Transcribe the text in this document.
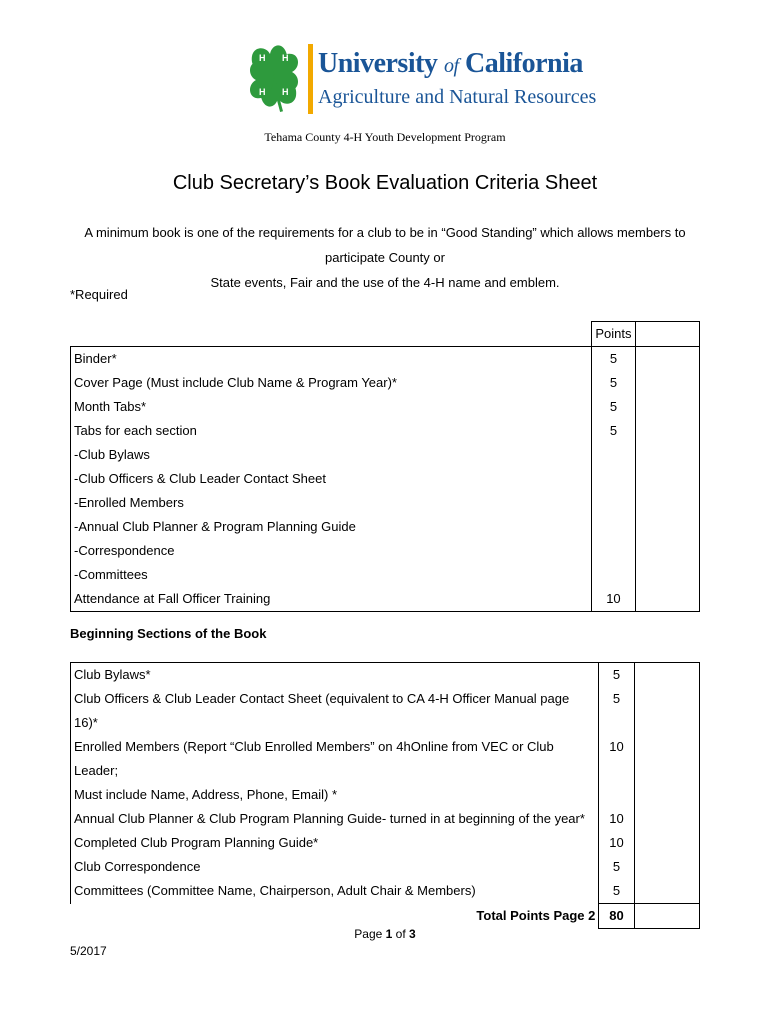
H H
H H
University of California
Agriculture and Natural Resources
Tehama County 4-H Youth Development Program
Club Secretary’s Book Evaluation Criteria Sheet
A minimum book is one of the requirements for a club to be in “Good Standing” which allows members to participate County or
State events, Fair and the use of the 4-H name and emblem.
*Required
	Points	
Binder*	5	
Cover Page (Must include Club Name & Program Year)*	5	
Month Tabs*	5	
Tabs for each section	5	
-Club Bylaws		
-Club Officers & Club Leader Contact Sheet		
-Enrolled Members		
-Annual Club Planner & Program Planning Guide		
-Correspondence		
-Committees		
Attendance at Fall Officer Training	10	
Beginning Sections of the Book
Club Bylaws*	5	
Club Officers & Club Leader Contact Sheet (equivalent to CA 4-H Officer Manual page 16)*	5	
Enrolled Members (Report “Club Enrolled Members” on 4hOnline from VEC or Club Leader;	10	
Must include Name, Address, Phone, Email) *		
Annual Club Planner & Club Program Planning Guide- turned in at beginning of the year*	10	
Completed Club Program Planning Guide*	10	
Club Correspondence	5	
Committees (Committee Name, Chairperson, Adult Chair & Members)	5	
Total Points Page 2	80	
Page 1 of 3
5/2017
